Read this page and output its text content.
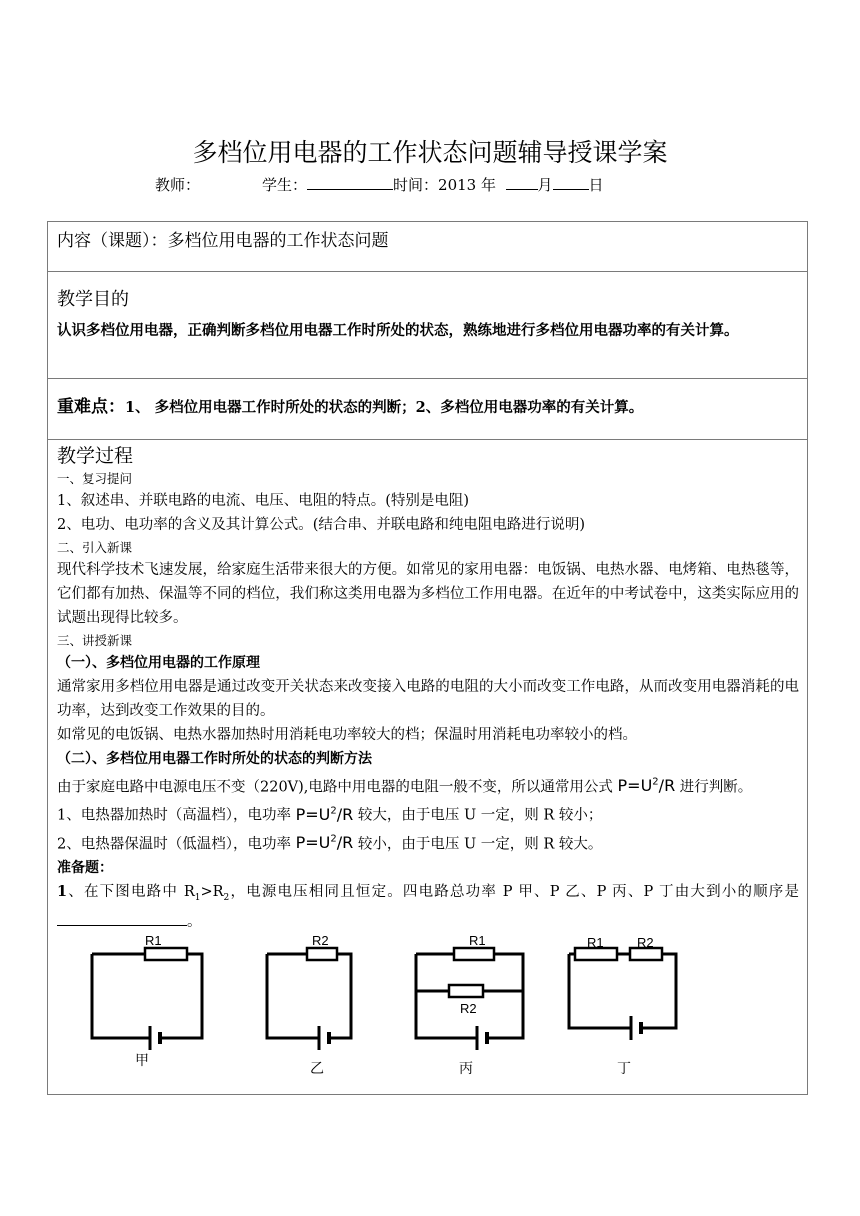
多档位用电器的工作状态问题辅导授课学案
教师：	学生：	时间：2013 年	月 日
内容（课题）：多档位用电器的工作状态问题

教学目的
认识多档位用电器，正确判断多档位用电器工作时所处的状态，熟练地进行多档位用电器功率的有关计算。

重难点：1、 多档位用电器工作时所处的状态的判断；2、多档位用电器功率的有关计算。

教学过程
一、复习提问
1、叙述串、并联电路的电流、电压、电阻的特点。(特别是电阻)
2、电功、电功率的含义及其计算公式。(结合串、并联电路和纯电阻电路进行说明)
二、引入新课
现代科学技术飞速发展，给家庭生活带来很大的方便。如常见的家用电器：电饭锅、电热水器、电烤箱、电热毯等，它们都有加热、保温等不同的档位，我们称这类用电器为多档位工作用电器。在近年的中考试卷中，这类实际应用的试题出现得比较多。
三、讲授新课
（一）、多档位用电器的工作原理
通常家用多档位用电器是通过改变开关状态来改变接入电路的电阻的大小而改变工作电路，从而改变用电器消耗的电功率，达到改变工作效果的目的。
如常见的电饭锅、电热水器加热时用消耗电功率较大的档；保温时用消耗电功率较小的档。
（二）、多档位用电器工作时所处的状态的判断方法
由于家庭电路中电源电压不变（220V),电路中用电器的电阻一般不变，所以通常用公式 $P=U^2/R$ 进行判断。
1、电热器加热时（高温档），电功率 $P=U^2/R$ 较大，由于电压 U 一定，则 R 较小；
2、电热器保温时（低温档），电功率 $P=U^2/R$ 较小，由于电压 U 一定，则 R 较大。
准备题：
1、在下图电路中 $R_1>R_2$，电源电压相同且恒定。四电路总功率 P 甲、P 乙、P 丙、P 丁由大到小的顺序是。
R1	R2	R1
R2
R1	R2
甲	乙	丙	丁
